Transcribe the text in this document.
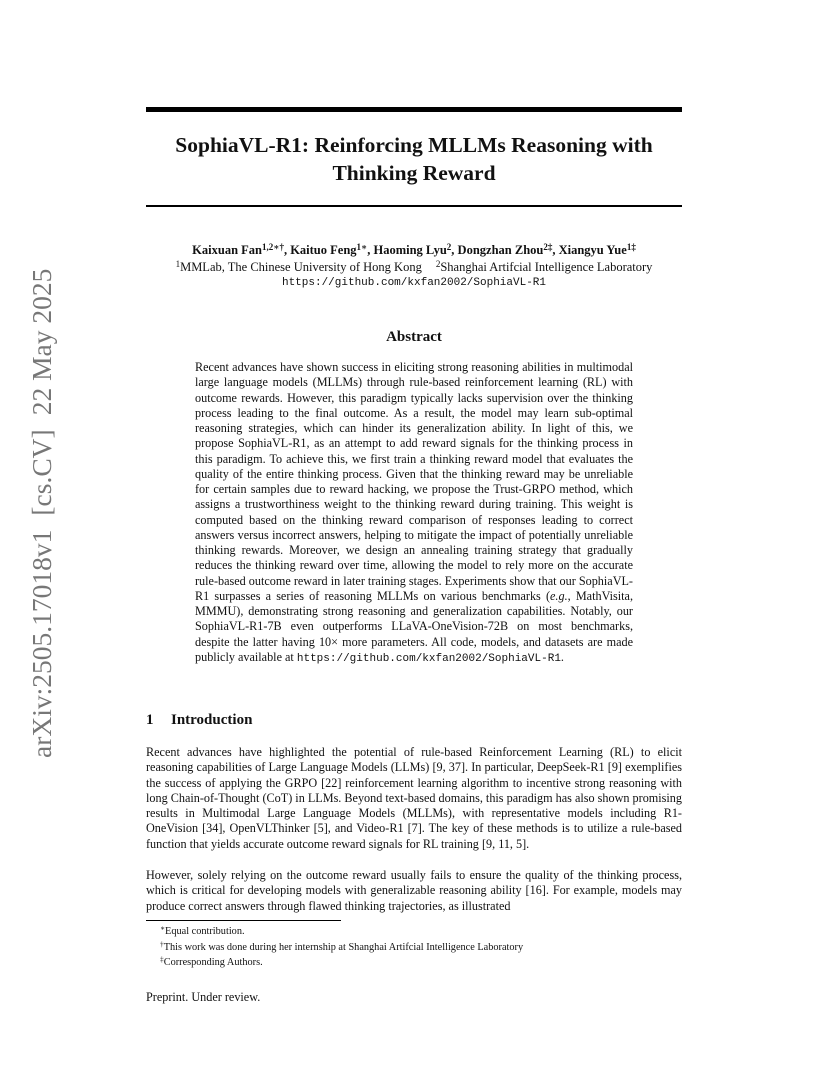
arXiv:2505.17018v1[cs.CV]22 May 2025
SophiaVL-R1: Reinforcing MLLMs Reasoning with
Thinking Reward
Kaixuan Fan$^{1,2∗\dagger}$, Kaituo Feng$^{1∗}$, Haoming Lyu$^2$, Dongzhan Zhou$^{2\ddagger}$, Xiangyu Yue$^{1\ddagger}$
$^1$MMLab, The Chinese University of Hong Kong $^2$Shanghai Artifcial Intelligence Laboratory
https://github.com/kxfan2002/SophiaVL-R1
Abstract
Recent advances have shown success in eliciting strong reasoning abilities in multimodal large language models (MLLMs) through rule-based reinforcement learning (RL) with outcome rewards. However, this paradigm typically lacks supervision over the thinking process leading to the final outcome. As a result, the model may learn sub-optimal reasoning strategies, which can hinder its generalization ability. In light of this, we propose SophiaVL-R1, as an attempt to add reward signals for the thinking process in this paradigm. To achieve this, we first train a thinking reward model that evaluates the quality of the entire thinking process. Given that the thinking reward may be unreliable for certain samples due to reward hacking, we propose the Trust-GRPO method, which assigns a trustworthiness weight to the thinking reward during training. This weight is computed based on the thinking reward comparison of responses leading to correct answers versus incorrect answers, helping to mitigate the impact of potentially unreliable thinking rewards. Moreover, we design an annealing training strategy that gradually reduces the thinking reward over time, allowing the model to rely more on the accurate rule-based outcome reward in later training stages. Experiments show that our SophiaVL-R1 surpasses a series of reasoning MLLMs on various benchmarks (e.g., MathVisita, MMMU), demonstrating strong reasoning and generalization capabilities. Notably, our SophiaVL-R1-7B even outperforms LLaVA-OneVision-72B on most benchmarks, despite the latter having 10× more parameters. All code, models, and datasets are made publicly available at https://github.com/kxfan2002/SophiaVL-R1.
1 Introduction
Recent advances have highlighted the potential of rule-based Reinforcement Learning (RL) to elicit reasoning capabilities of Large Language Models (LLMs) [9, 37]. In particular, DeepSeek-R1 [9] exemplifies the success of applying the GRPO [22] reinforcement learning algorithm to incentive strong reasoning with long Chain-of-Thought (CoT) in LLMs. Beyond text-based domains, this paradigm has also shown promising results in Multimodal Large Language Models (MLLMs), with representative models including R1-OneVision [34], OpenVLThinker [5], and Video-R1 [7]. The key of these methods is to utilize a rule-based function that yields accurate outcome reward signals for RL training [9, 11, 5].
However, solely relying on the outcome reward usually fails to ensure the quality of the thinking process, which is critical for developing models with generalizable reasoning ability [16]. For example, models may produce correct answers through flawed thinking trajectories, as illustrated
∗Equal contribution.
†This work was done during her internship at Shanghai Artifcial Intelligence Laboratory
‡Corresponding Authors.
Preprint. Under review.
